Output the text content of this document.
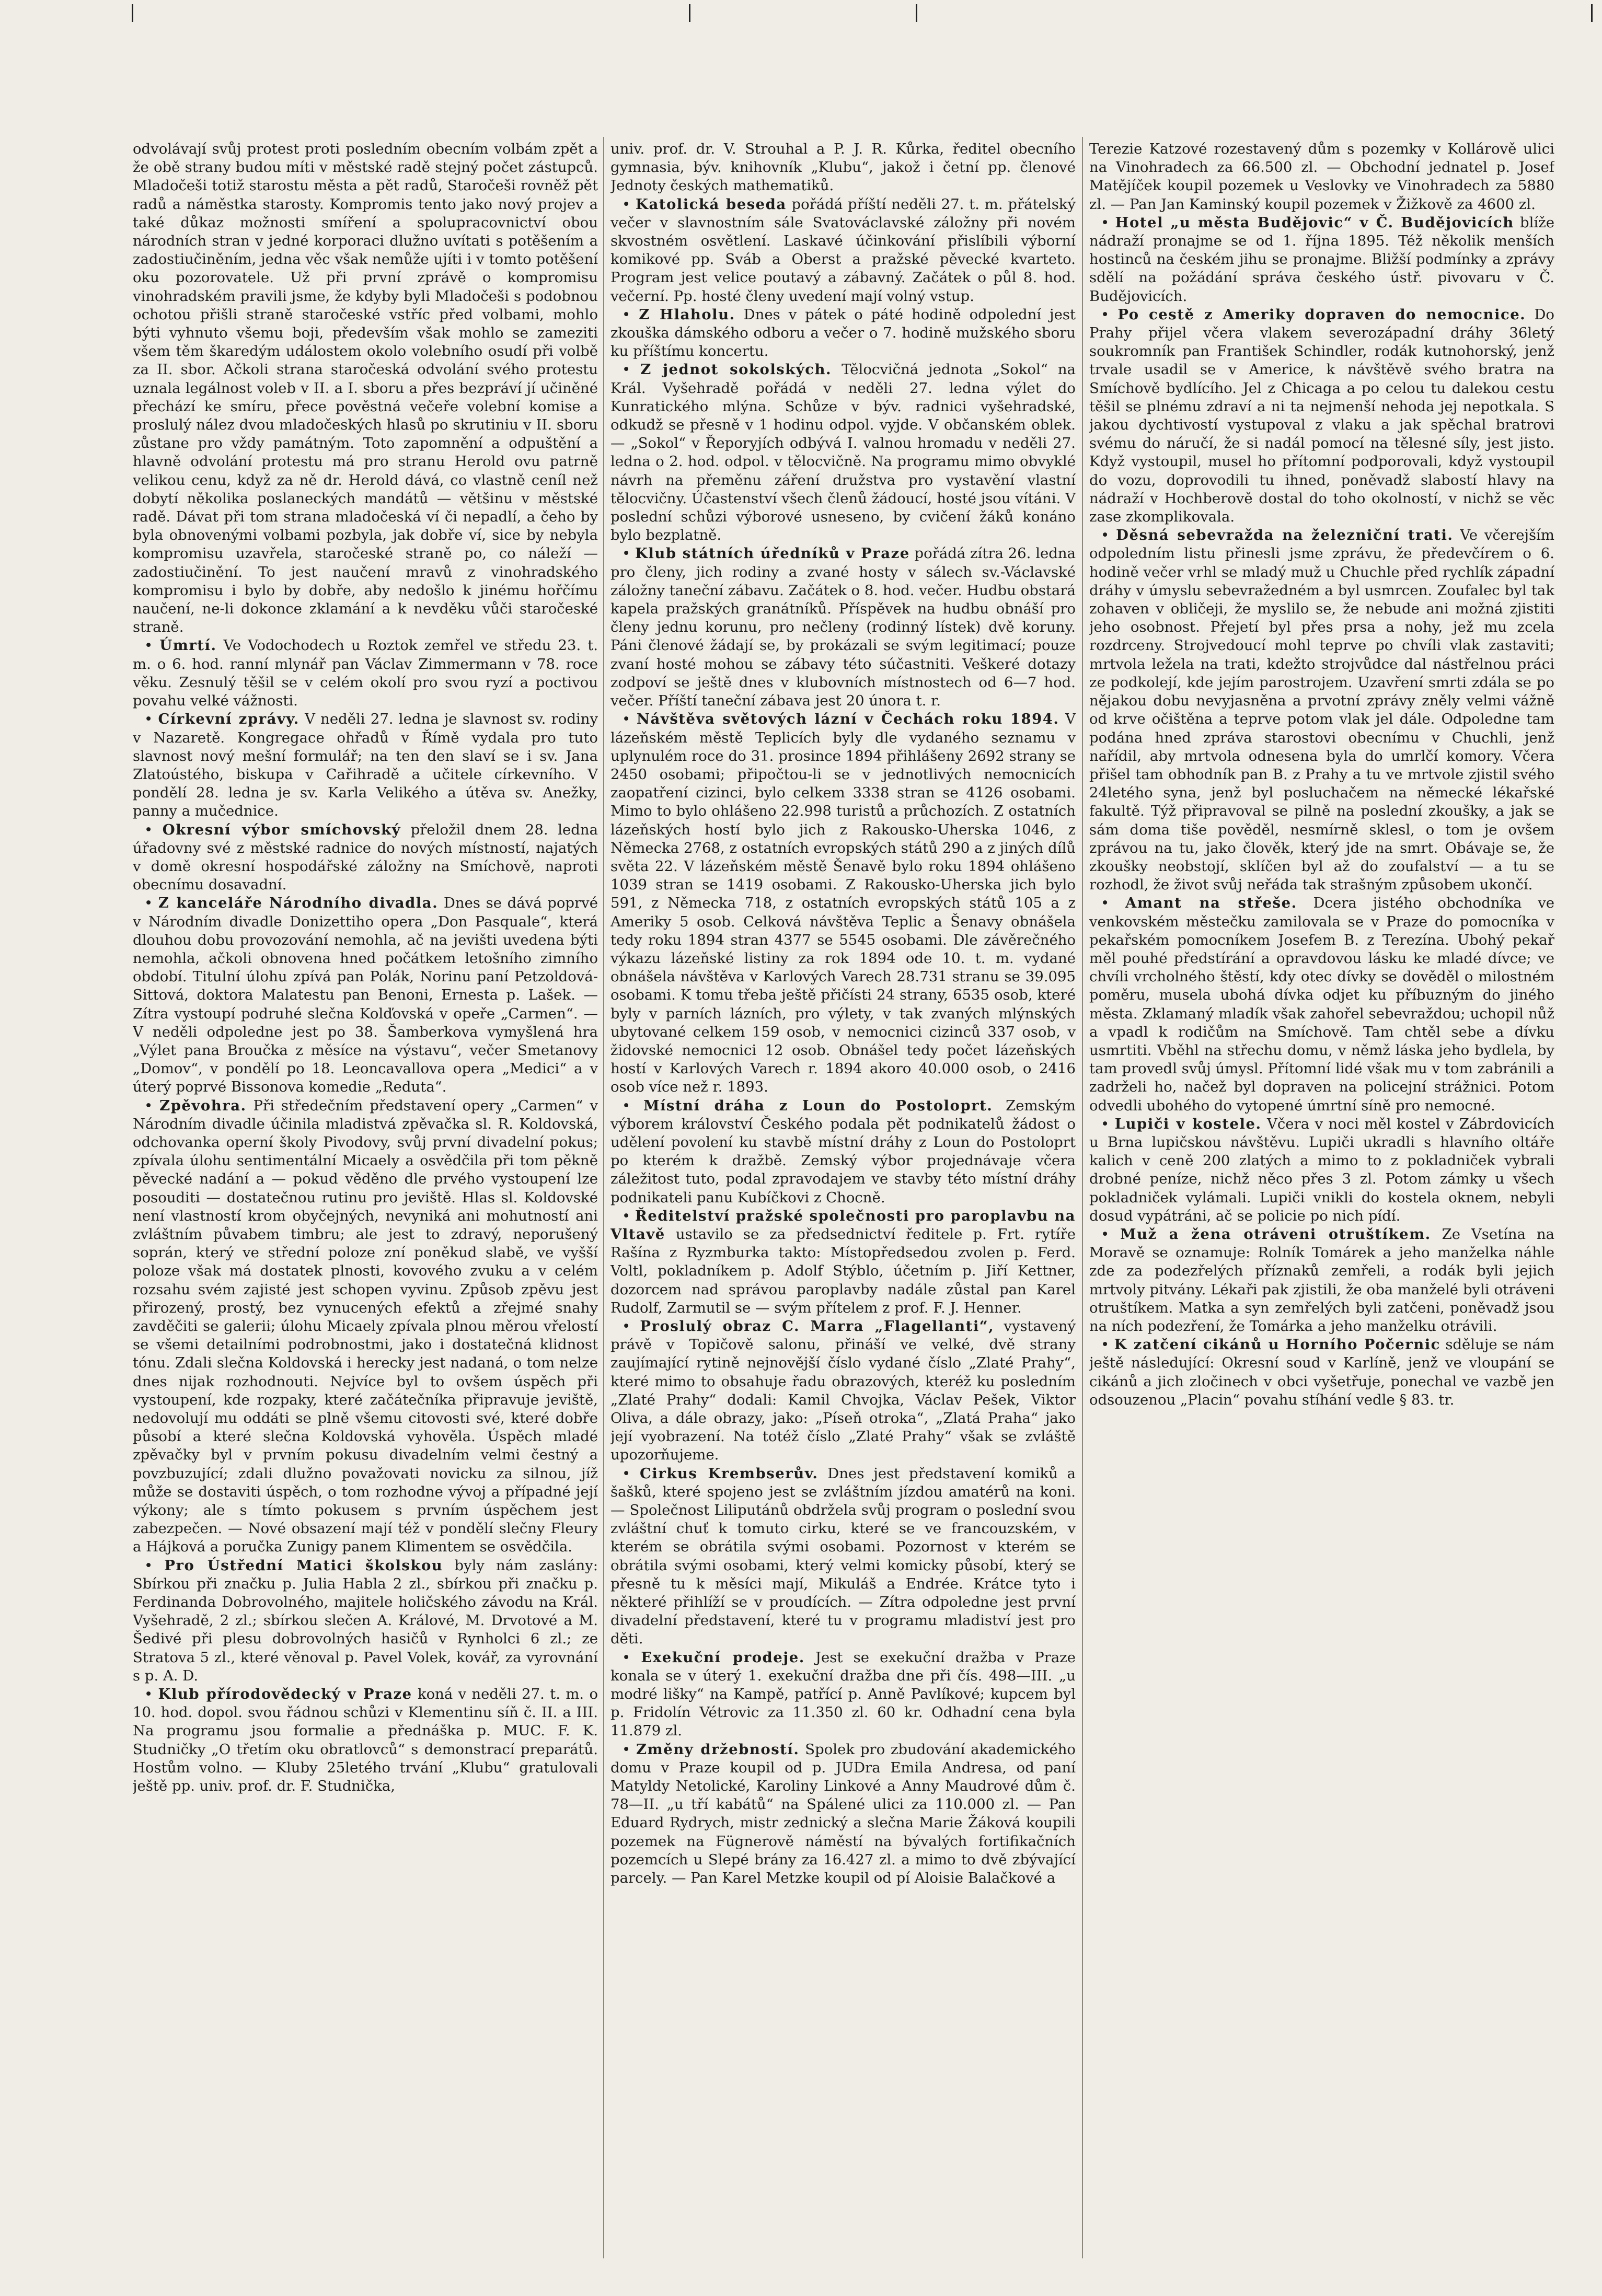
odvolávají svůj protest proti posledním obecním volbám zpět a že obě strany budou míti v městské radě stejný počet zástupců. Mladočeši totiž starostu města a pět radů, Staročeši rovněž pět radů a náměstka starosty. Kompromis tento jako nový projev a také důkaz možnosti smíření a spolupracovnictví obou národních stran v jedné korporaci dlužno uvítati s potěšením a zadostiučiněním, jedna věc však nemůže ujíti i v tomto potěšení oku pozorovatele. Už při první zprávě o kompromisu vinohradském pravili jsme, že kdyby byli Mladočeši s podobnou ochotou přišli straně staročeské vstříc před volbami, mohlo býti vyhnuto všemu boji, především však mohlo se zameziti všem těm škaredým událostem okolo volebního osudí při volbě za II. sbor. Ačkoli strana staročeská odvolání svého protestu uznala legálnost voleb v II. a I. sboru a přes bezpráví jí učiněné přechází ke smíru, přece pověstná večeře volební komise a proslulý nález dvou mladočeských hlasů po skrutiniu v II. sboru zůstane pro vždy památným. Toto zapomnění a odpuštění a hlavně odvolání protestu má pro stranu Herold ovu patrně velikou cenu, když za ně dr. Herold dává, co vlastně ceníl než dobytí několika poslaneckých mandátů — většinu v městské radě. Dávat při tom strana mladočeská ví či nepadlí, a čeho by byla obnovenými volbami pozbyla, jak dobře ví, sice by nebyla kompromisu uzavřela, staročeské straně po, co náleží — zadostiučinění. To jest naučení mravů z vinohradského kompromisu i bylo by dobře, aby nedošlo k jinému hořčímu naučení, ne-li dokonce zklamání a k nevděku vůči staročeské straně.

• Úmrtí. Ve Vodochodech u Roztok zemřel ve středu 23. t. m. o 6. hod. ranní mlynář pan Václav Zimmermann v 78. roce věku. Zesnulý těšil se v celém okolí pro svou ryzí a poctivou povahu velké vážnosti.

• Církevní zprávy. V neděli 27. ledna je slavnost sv. rodiny v Nazaretě. Kongregace ohřadů v Římě vydala pro tuto slavnost nový mešní formulář; na ten den slaví se i sv. Jana Zlatoústého, biskupa v Cařihradě a učitele církevního. V pondělí 28. ledna je sv. Karla Velikého a útěva sv. Anežky, panny a mučednice.

• Okresní výbor smíchovský přeložil dnem 28. ledna úřadovny své z městské radnice do nových místností, najatých v domě okresní hospodářské záložny na Smíchově, naproti obecnímu dosavadní.

• Z kanceláře Národního divadla. Dnes se dává poprvé v Národním divadle Donizettiho opera „Don Pasquale“, která dlouhou dobu provozování nemohla, ač na jevišti uvedena býti nemohla, ačkoli obnovena hned počátkem letošního zimního období. Titulní úlohu zpívá pan Polák, Norinu paní Petzoldová-Sittová, doktora Malatestu pan Benoni, Ernesta p. Lašek. — Zítra vystoupí podruhé slečna Kolďovská v opeře „Carmen“. — V neděli odpoledne jest po 38. Šamberkova vymyšlená hra „Výlet pana Broučka z měsíce na výstavu“, večer Smetanovy „Domov“, v pondělí po 18. Leoncavallova opera „Medici“ a v úterý poprvé Bissonova komedie „Reduta“.

• Zpěvohra. Při středečním představení opery „Carmen“ v Národním divadle účinila mladistvá zpěvačka sl. R. Koldovská, odchovanka operní školy Pivodovy, svůj první divadelní pokus; zpívala úlohu sentimentální Micaely a osvědčila při tom pěkně pěvecké nadání a — pokud věděno dle prvého vystoupení lze posouditi — dostatečnou rutinu pro jeviště. Hlas sl. Koldovské není vlastností krom obyčejných, nevyniká ani mohutností ani zvláštním půvabem timbru; ale jest to zdravý, neporušený soprán, který ve střední poloze zní poněkud slabě, ve vyšší poloze však má dostatek plnosti, kovového zvuku a v celém rozsahu svém zajisté jest schopen vyvinu. Způsob zpěvu jest přirozený, prostý, bez vynucených efektů a zřejmé snahy zavděčiti se galerii; úlohu Micaely zpívala plnou měrou vřelostí se všemi detailními podrobnostmi, jako i dostatečná klidnost tónu. Zdali slečna Koldovská i herecky jest nadaná, o tom nelze dnes nijak rozhodnouti. Nejvíce byl to ovšem úspěch při vystoupení, kde rozpaky, které začátečníka připravuje jeviště, nedovolují mu oddáti se plně všemu citovosti své, které dobře působí a které slečna Koldovská vyhověla. Úspěch mladé zpěvačky byl v prvním pokusu divadelním velmi čestný a povzbuzující; zdali dlužno považovati novicku za silnou, jíž může se dostaviti úspěch, o tom rozhodne vývoj a případné její výkony; ale s tímto pokusem s prvním úspěchem jest zabezpečen. — Nové obsazení mají též v pondělí slečny Fleury a Hájková a poručka Zunigy panem Klimentem se osvědčila.

• Pro Ústřední Matici školskou byly nám zaslány: Sbírkou při značku p. Julia Habla 2 zl., sbírkou při značku p. Ferdinanda Dobrovolného, majitele holičského závodu na Král. Vyšehradě, 2 zl.; sbírkou slečen A. Králové, M. Drvotové a M. Šedivé při plesu dobrovolných hasičů v Rynholci 6 zl.; ze Stratova 5 zl., které věnoval p. Pavel Volek, kovář, za vyrovnání s p. A. D.

• Klub přírodovědecký v Praze koná v neděli 27. t. m. o 10. hod. dopol. svou řádnou schůzi v Klementinu síň č. II. a III. Na programu jsou formalie a přednáška p. MUC. F. K. Studničky „O třetím oku obratlovců“ s demonstrací preparátů. Hostům volno. — Kluby 25letého trvání „Klubu“ gratulovali ještě pp. univ. prof. dr. F. Studnička,

univ. prof. dr. V. Strouhal a P. J. R. Kůrka, ředitel obecního gymnasia, býv. knihovník „Klubu“, jakož i četní pp. členové Jednoty českých mathematiků.

• Katolická beseda pořádá příští neděli 27. t. m. přátelský večer v slavnostním sále Svatováclavské záložny při novém skvostném osvětlení. Laskavé účinkování přislíbili výborní komikové pp. Sváb a Oberst a pražské pěvecké kvarteto. Program jest velice poutavý a zábavný. Začátek o půl 8. hod. večerní. Pp. hosté členy uvedení mají volný vstup.

• Z Hlaholu. Dnes v pátek o páté hodině odpolední jest zkouška dámského odboru a večer o 7. hodině mužského sboru ku příštímu koncertu.

• Z jednot sokolských. Tělocvičná jednota „Sokol“ na Král. Vyšehradě pořádá v neděli 27. ledna výlet do Kunratického mlýna. Schůze v býv. radnici vyšehradské, odkudž se přesně v 1 hodinu odpol. vyjde. V občanském oblek. — „Sokol“ v Řeporyjích odbývá I. valnou hromadu v neděli 27. ledna o 2. hod. odpol. v tělocvičně. Na programu mimo obvyklé návrh na přeměnu záření družstva pro vystavění vlastní tělocvičny. Účastenství všech členů žádoucí, hosté jsou vítáni. V poslední schůzi výborové usneseno, by cvičení žáků konáno bylo bezplatně.

• Klub státních úředníků v Praze pořádá zítra 26. ledna pro členy, jich rodiny a zvané hosty v sálech sv.-Václavské záložny taneční zábavu. Začátek o 8. hod. večer. Hudbu obstará kapela pražských granátníků. Příspěvek na hudbu obnáší pro členy jednu korunu, pro nečleny (rodinný lístek) dvě koruny. Páni členové žádají se, by prokázali se svým legitimací; pouze zvaní hosté mohou se zábavy této súčastniti. Veškeré dotazy zodpoví se ještě dnes v klubovních místnostech od 6—7 hod. večer. Příští taneční zábava jest 20 února t. r.

• Návštěva světových lázní v Čechách roku 1894. V lázeňském městě Teplicích byly dle vydaného seznamu v uplynulém roce do 31. prosince 1894 přihlášeny 2692 strany se 2450 osobami; připočtou-li se v jednotlivých nemocnicích zaopatření cizinci, bylo celkem 3338 stran se 4126 osobami. Mimo to bylo ohlášeno 22.998 turistů a průchozích. Z ostatních lázeňských hostí bylo jich z Rakousko-Uherska 1046, z Německa 2768, z ostatních evropských států 290 a z jiných dílů světa 22. V lázeňském městě Šenavě bylo roku 1894 ohlášeno 1039 stran se 1419 osobami. Z Rakousko-Uherska jich bylo 591, z Německa 718, z ostatních evropských států 105 a z Ameriky 5 osob. Celková návštěva Teplic a Šenavy obnášela tedy roku 1894 stran 4377 se 5545 osobami. Dle závěrečného výkazu lázeňské listiny za rok 1894 ode 10. t. m. vydané obnášela návštěva v Karlových Varech 28.731 stranu se 39.095 osobami. K tomu třeba ještě přičísti 24 strany, 6535 osob, které byly v parních lázních, pro výlety, v tak zvaných mlýnských ubytované celkem 159 osob, v nemocnici cizinců 337 osob, v židovské nemocnici 12 osob. Obnášel tedy počet lázeňských hostí v Karlových Varech r. 1894 akoro 40.000 osob, o 2416 osob více než r. 1893.

• Místní dráha z Loun do Postoloprt. Zemským výborem království Českého podala pět podnikatelů žádost o udělení povolení ku stavbě místní dráhy z Loun do Postoloprt po kterém k dražbě. Zemský výbor projednávaje včera záležitost tuto, podal zpravodajem ve stavby této místní dráhy podnikateli panu Kubíčkovi z Chocně.

• Ředitelství pražské společnosti pro paroplavbu na Vltavě ustavilo se za předsednictví ředitele p. Frt. rytíře Rašína z Ryzmburka takto: Místopředsedou zvolen p. Ferd. Voltl, pokladníkem p. Adolf Stýblo, účetním p. Jiří Kettner, dozorcem nad správou paroplavby nadále zůstal pan Karel Rudolf, Zarmutil se — svým přítelem z prof. F. J. Henner.

• Proslulý obraz C. Marra „Flagellanti“, vystavený právě v Topičově salonu, přináší ve velké, dvě strany zaujímající rytině nejnovější číslo vydané číslo „Zlaté Prahy“, které mimo to obsahuje řadu obrazových, kteréž ku posledním „Zlaté Prahy“ dodali: Kamil Chvojka, Václav Pešek, Viktor Oliva, a dále obrazy, jako: „Píseň otroka“, „Zlatá Praha“ jako její vyobrazení. Na totéž číslo „Zlaté Prahy“ však se zvláště upozorňujeme.

• Cirkus Krembserův. Dnes jest představení komiků a šašků, které spojeno jest se zvláštním jízdou amatérů na koni. — Společnost Liliputánů obdržela svůj program o poslední svou zvláštní chuť k tomuto cirku, které se ve francouzském, v kterém se obrátila svými osobami. Pozornost v kterém se obrátila svými osobami, který velmi komicky působí, který se přesně tu k měsíci mají, Mikuláš a Endrée. Krátce tyto i některé přihlíží se v proudících. — Zítra odpoledne jest první divadelní představení, které tu v programu mladiství jest pro děti.

• Exekuční prodeje. Jest se exekuční dražba v Praze konala se v úterý 1. exekuční dražba dne při čís. 498—III. „u modré lišky“ na Kampě, patřící p. Anně Pavlíkové; kupcem byl p. Fridolín Vétrovic za 11.350 zl. 60 kr. Odhadní cena byla 11.879 zl.

• Změny držebností. Spolek pro zbudování akademického domu v Praze koupil od p. JUDra Emila Andresa, od paní Matyldy Netolické, Karoliny Linkové a Anny Maudrové dům č. 78—II. „u tří kabátů“ na Spálené ulici za 110.000 zl. — Pan Eduard Rydrych, mistr zednický a slečna Marie Žáková koupili pozemek na Fügnerově náměstí na bývalých fortifikačních pozemcích u Slepé brány za 16.427 zl. a mimo to dvě zbývající parcely. — Pan Karel Metzke koupil od pí Aloisie Balačkové a

Terezie Katzové rozestavený dům s pozemky v Kollárově ulici na Vinohradech za 66.500 zl. — Obchodní jednatel p. Josef Matějíček koupil pozemek u Veslovky ve Vinohradech za 5880 zl. — Pan Jan Kaminský koupil pozemek v Žižkově za 4600 zl.

• Hotel „u města Budějovic“ v Č. Budějovicích blíže nádraží pronajme se od 1. října 1895. Též několik menších hostinců na českém jihu se pronajme. Bližší podmínky a zprávy sdělí na požádání správa českého ústř. pivovaru v Č. Budějovicích.

• Po cestě z Ameriky dopraven do nemocnice. Do Prahy přijel včera vlakem severozápadní dráhy 36letý soukromník pan František Schindler, rodák kutnohorský, jenž trvale usadil se v Americe, k návštěvě svého bratra na Smíchově bydlícího. Jel z Chicaga a po celou tu dalekou cestu těšil se plnému zdraví a ni ta nejmenší nehoda jej nepotkala. S jakou dychtivostí vystupoval z vlaku a jak spěchal bratrovi svému do náručí, že si nadál pomocí na tělesné síly, jest jisto. Když vystoupil, musel ho přítomní podporovali, když vystoupil do vozu, doprovodili tu ihned, poněvadž slabostí hlavy na nádraží v Hochberově dostal do toho okolností, v nichž se věc zase zkomplikovala.

• Děsná sebevražda na železniční trati. Ve včerejším odpoledním listu přinesli jsme zprávu, že předevčírem o 6. hodině večer vrhl se mladý muž u Chuchle před rychlík západní dráhy v úmyslu sebevražedném a byl usmrcen. Zoufalec byl tak zohaven v obličeji, že myslilo se, že nebude ani možná zjistiti jeho osobnost. Přejetí byl přes prsa a nohy, jež mu zcela rozdrceny. Strojvedoucí mohl teprve po chvíli vlak zastaviti; mrtvola ležela na trati, kdežto strojvůdce dal nástřelnou práci ze podkolejí, kde jejím parostrojem. Uzavření smrti zdála se po nějakou dobu nevyjasněna a prvotní zprávy zněly velmi vážně od krve očištěna a teprve potom vlak jel dále. Odpoledne tam podána hned zpráva starostovi obecnímu v Chuchli, jenž nařídil, aby mrtvola odnesena byla do umrlčí komory. Včera přišel tam obhodník pan B. z Prahy a tu ve mrtvole zjistil svého 24letého syna, jenž byl posluchačem na německé lékařské fakultě. Týž připravoval se pilně na poslední zkoušky, a jak se sám doma tiše pověděl, nesmírně sklesl, o tom je ovšem zprávou na tu, jako člověk, který jde na smrt. Obávaje se, že zkoušky neobstojí, sklíčen byl až do zoufalství — a tu se rozhodl, že život svůj neřáda tak strašným způsobem ukončí.

• Amant na střeše. Dcera jistého obchodníka ve venkovském městečku zamilovala se v Praze do pomocníka v pekařském pomocníkem Josefem B. z Terezína. Ubohý pekař měl pouhé předstírání a opravdovou lásku ke mladé dívce; ve chvíli vrcholného štěstí, kdy otec dívky se dověděl o milostném poměru, musela ubohá dívka odjet ku příbuzným do jiného města. Zklamaný mladík však zahořel sebevraždou; uchopil nůž a vpadl k rodičům na Smíchově. Tam chtěl sebe a dívku usmrtiti. Vběhl na střechu domu, v němž láska jeho bydlela, by tam provedl svůj úmysl. Přítomní lidé však mu v tom zabránili a zadrželi ho, načež byl dopraven na policejní strážnici. Potom odvedli ubohého do vytopené úmrtní síně pro nemocné.

• Lupiči v kostele. Včera v noci měl kostel v Zábrdovicích u Brna lupičskou návštěvu. Lupiči ukradli s hlavního oltáře kalich v ceně 200 zlatých a mimo to z pokladniček vybrali drobné peníze, nichž něco přes 3 zl. Potom zámky u všech pokladniček vylámali. Lupiči vnikli do kostela oknem, nebyli dosud vypátráni, ač se policie po nich pídí.

• Muž a žena otráveni otruštíkem. Ze Vsetína na Moravě se oznamuje: Rolník Tomárek a jeho manželka náhle zde za podezřelých příznaků zemřeli, a rodák byli jejich mrtvoly pitvány. Lékaři pak zjistili, že oba manželé byli otráveni otruštíkem. Matka a syn zemřelých byli zatčeni, poněvadž jsou na ních podezření, že Tomárka a jeho manželku otrávili.

• K zatčení cikánů u Horního Počernic sděluje se nám ještě následující: Okresní soud v Karlíně, jenž ve vloupání se cikánů a jich zločinech v obci vyšetřuje, ponechal ve vazbě jen odsouzenou „Placin“ povahu stíhání vedle § 83. tr.
